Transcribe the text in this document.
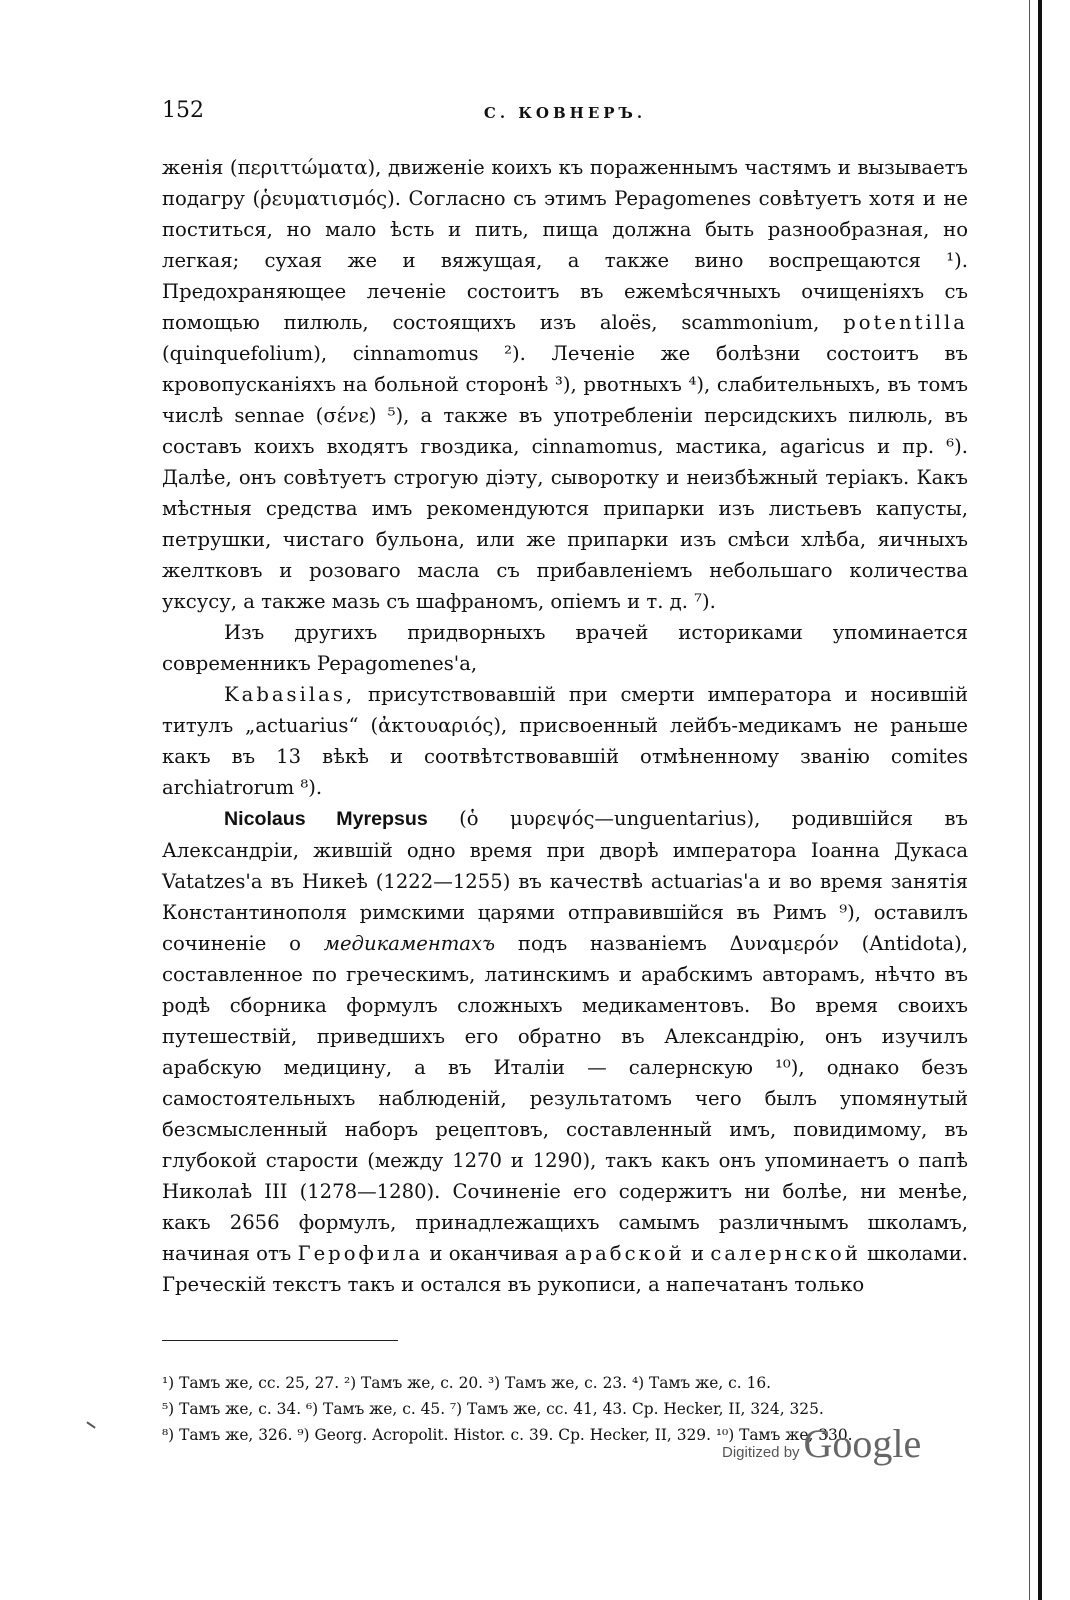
152	С. КОВНЕРЪ.

женія (περιττώματα), движеніе коихъ къ пораженнымъ частямъ и вызываетъ подагру (ῥευματισμός). Согласно съ этимъ Pepagomenes совѣтуетъ хотя и не поститься, но мало ѣсть и пить, пища должна быть разнообразная, но легкая; сухая же и вяжущая, а также вино воспрещаются ¹). Предохраняющее леченіе состоитъ въ ежемѣсячныхъ очищеніяхъ съ помощью пилюль, состоящихъ изъ aloës, scammonium, potentilla (quinquefolium), cinnamomus ²). Леченіе же болѣзни состоитъ въ кровопусканіяхъ на больной сторонѣ ³), рвотныхъ ⁴), слабительныхъ, въ томъ числѣ sennae (σένε) ⁵), а также въ употребленіи персидскихъ пилюль, въ составъ коихъ входятъ гвоздика, cinnamomus, мастика, agaricus и пр. ⁶). Далѣе, онъ совѣтуетъ строгую діэту, сыворотку и неизбѣжный теріакъ. Какъ мѣстныя средства имъ рекомендуются припарки изъ листьевъ капусты, петрушки, чистаго бульона, или же припарки изъ смѣси хлѣба, яичныхъ желтковъ и розоваго масла съ прибавленіемъ небольшаго количества уксусу, а также мазь съ шафраномъ, опіемъ и т. д. ⁷).

Изъ другихъ придворныхъ врачей историками упоминается современникъ Pepagomenes'а,

Kabasilas, присутствовавшій при смерти императора и носившій титулъ „actuarius“ (ἀκτουαριός), присвоенный лейбъ-медикамъ не раньше какъ въ 13 вѣкѣ и соотвѣтствовавшій отмѣненному званію comites archiatrorum ⁸).

Nicolaus Myrepsus (ὁ μυρεψός—unguentarius), родившійся въ Александріи, жившій одно время при дворѣ императора Іоанна Дукаса Vatatzes'а въ Никеѣ (1222—1255) въ качествѣ actuarias'а и во время занятія Константинополя римскими царями отправившійся въ Римъ ⁹), оставилъ сочиненіе о медикаментахъ подъ названіемъ Δυναμερόν (Antidota), составленное по греческимъ, латинскимъ и арабскимъ авторамъ, нѣчто въ родѣ сборника формулъ сложныхъ медикаментовъ. Во время своихъ путешествій, приведшихъ его обратно въ Александрію, онъ изучилъ арабскую медицину, а въ Италіи — салернскую ¹⁰), однако безъ самостоятельныхъ наблюденій, результатомъ чего былъ упомянутый безсмысленный наборъ рецептовъ, составленный имъ, повидимому, въ глубокой старости (между 1270 и 1290), такъ какъ онъ упоминаетъ о папѣ Николаѣ III (1278—1280). Сочиненіе его содержитъ ни болѣе, ни менѣе, какъ 2656 формулъ, принадлежащихъ самымъ различнымъ школамъ, начиная отъ Герофила и оканчивая арабской и салернской школами. Греческій текстъ такъ и остался въ рукописи, а напечатанъ только

¹) Тамъ же, сс. 25, 27. ²) Тамъ же, с. 20. ³) Тамъ же, с. 23. ⁴) Тамъ же, с. 16.
⁵) Тамъ же, с. 34. ⁶) Тамъ же, с. 45. ⁷) Тамъ же, сс. 41, 43. Cp. Hecker, II, 324, 325.
⁸) Тамъ же, 326. ⁹) Georg. Acropolit. Histor. c. 39. Cp. Hecker, II, 329. ¹⁰) Тамъ же, 330.
Digitized by Google
